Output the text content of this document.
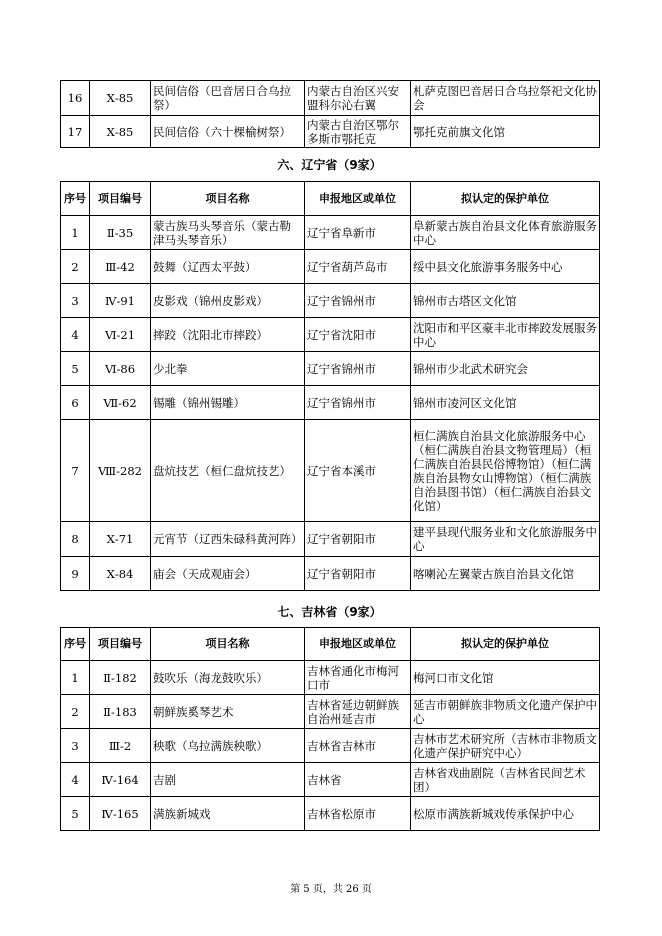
16	Ⅹ-85	民间信俗（巴音居日合乌拉祭）	内蒙古自治区兴安盟科尔沁右翼	札萨克图巴音居日合乌拉祭祀文化协会
17	Ⅹ-85	民间信俗（六十棵榆树祭）	内蒙古自治区鄂尔多斯市鄂托克	鄂托克前旗文化馆
六、辽宁省（9家）
序号	项目编号	项目名称	申报地区或单位	拟认定的保护单位
1	Ⅱ-35	蒙古族马头琴音乐（蒙古勒津马头琴音乐）	辽宁省阜新市	阜新蒙古族自治县文化体育旅游服务中心
2	Ⅲ-42	鼓舞（辽西太平鼓）	辽宁省葫芦岛市	绥中县文化旅游事务服务中心
3	Ⅳ-91	皮影戏（锦州皮影戏）	辽宁省锦州市	锦州市古塔区文化馆
4	Ⅵ-21	摔跤（沈阳北市摔跤）	辽宁省沈阳市	沈阳市和平区豪丰北市摔跤发展服务中心
5	Ⅵ-86	少北拳	辽宁省锦州市	锦州市少北武术研究会
6	Ⅶ-62	锡雕（锦州锡雕）	辽宁省锦州市	锦州市凌河区文化馆
7	Ⅷ-282	盘炕技艺（桓仁盘炕技艺）	辽宁省本溪市	桓仁满族自治县文化旅游服务中心（桓仁满族自治县文物管理局）（桓仁满族自治县民俗博物馆）（桓仁满族自治县物女山博物馆）（桓仁满族自治县图书馆）（桓仁满族自治县文化馆）
8	Ⅹ-71	元宵节（辽西朱碌科黄河阵）	辽宁省朝阳市	建平县现代服务业和文化旅游服务中心
9	Ⅹ-84	庙会（天成观庙会）	辽宁省朝阳市	喀喇沁左翼蒙古族自治县文化馆
七、吉林省（9家）
序号	项目编号	项目名称	申报地区或单位	拟认定的保护单位
1	Ⅱ-182	鼓吹乐（海龙鼓吹乐）	吉林省通化市梅河口市	梅河口市文化馆
2	Ⅱ-183	朝鲜族奚琴艺术	吉林省延边朝鲜族自治州延吉市	延吉市朝鲜族非物质文化遗产保护中心
3	Ⅲ-2	秧歌（乌拉满族秧歌）	吉林省吉林市	吉林市艺术研究所（吉林市非物质文化遗产保护研究中心）
4	Ⅳ-164	吉剧	吉林省	吉林省戏曲剧院（吉林省民间艺术团）
5	Ⅳ-165	满族新城戏	吉林省松原市	松原市满族新城戏传承保护中心
第 5 页，共 26 页
